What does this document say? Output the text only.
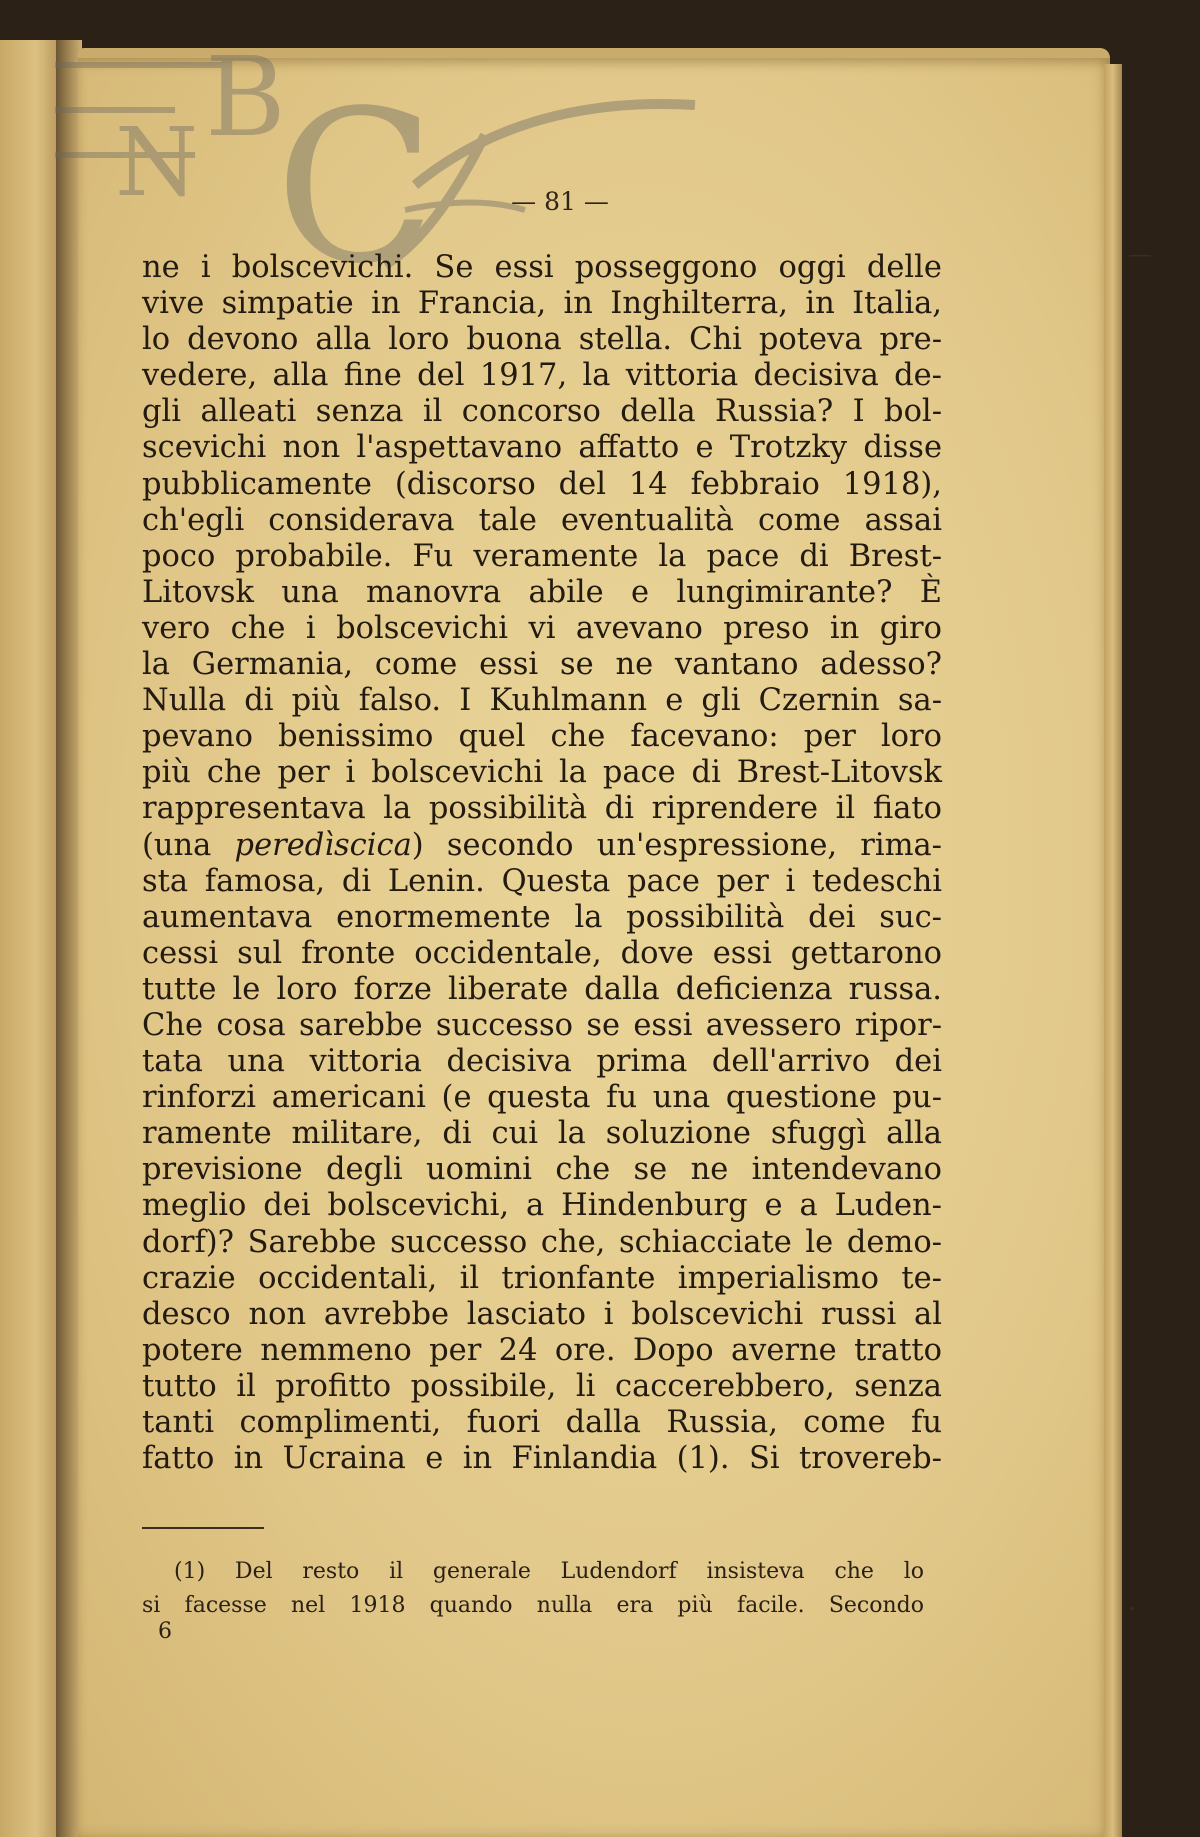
N
B
C	— 81 —
ne i bolscevichi. Se essi posseggono oggi delle
vive simpatie in Francia, in Inghilterra, in Italia,
lo devono alla loro buona stella. Chi poteva pre-
vedere, alla fine del 1917, la vittoria decisiva de-
gli alleati senza il concorso della Russia? I bol-
scevichi non l'aspettavano affatto e Trotzky disse
pubblicamente (discorso del 14 febbraio 1918),
ch'egli considerava tale eventualità come assai
poco probabile. Fu veramente la pace di Brest-
Litovsk una manovra abile e lungimirante? È
vero che i bolscevichi vi avevano preso in giro
la Germania, come essi se ne vantano adesso?
Nulla di più falso. I Kuhlmann e gli Czernin sa-
pevano benissimo quel che facevano: per loro
più che per i bolscevichi la pace di Brest-Litovsk
rappresentava la possibilità di riprendere il fiato
(una peredìscica) secondo un'espressione, rima-
sta famosa, di Lenin. Questa pace per i tedeschi
aumentava enormemente la possibilità dei suc-
cessi sul fronte occidentale, dove essi gettarono
tutte le loro forze liberate dalla deficienza russa.
Che cosa sarebbe successo se essi avessero ripor-
tata una vittoria decisiva prima dell'arrivo dei
rinforzi americani (e questa fu una questione pu-
ramente militare, di cui la soluzione sfuggì alla
previsione degli uomini che se ne intendevano
meglio dei bolscevichi, a Hindenburg e a Luden-
dorf)? Sarebbe successo che, schiacciate le demo-
crazie occidentali, il trionfante imperialismo te-
desco non avrebbe lasciato i bolscevichi russi al
potere nemmeno per 24 ore. Dopo averne tratto
tutto il profitto possibile, li caccerebbero, senza
tanti complimenti, fuori dalla Russia, come fu
fatto in Ucraina e in Finlandia (1). Si trovereb-
(1) Del resto il generale Ludendorf insisteva che lo
si facesse nel 1918 quando nulla era più facile. Secondo
6
—
·
